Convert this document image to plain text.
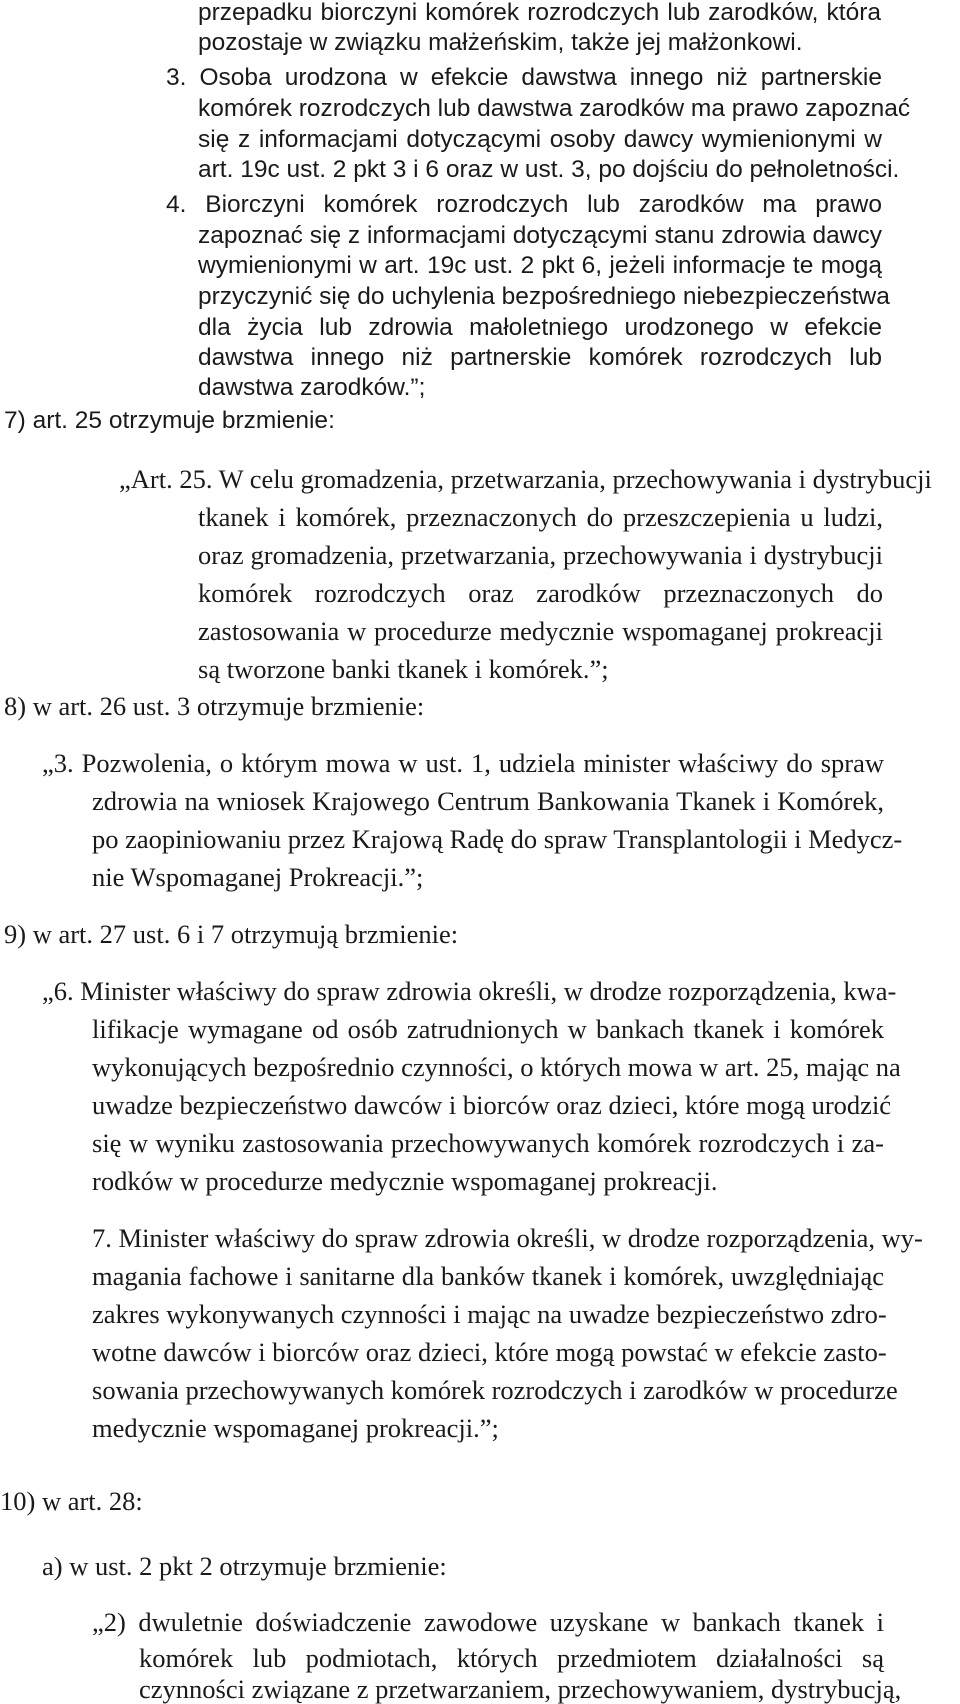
przepadku biorczyni komórek rozrodczych lub zarodków, która
pozostaje w związku małżeńskim, także jej małżonkowi.
3. Osoba urodzona w efekcie dawstwa innego niż partnerskie
komórek rozrodczych lub dawstwa zarodków ma prawo zapoznać
się z informacjami dotyczącymi osoby dawcy wymienionymi w
art. 19c ust. 2 pkt 3 i 6 oraz w ust. 3, po dojściu do pełnoletności.
4. Biorczyni komórek rozrodczych lub zarodków ma prawo
zapoznać się z informacjami dotyczącymi stanu zdrowia dawcy
wymienionymi w art. 19c ust. 2 pkt 6, jeżeli informacje te mogą
przyczynić się do uchylenia bezpośredniego niebezpieczeństwa
dla życia lub zdrowia małoletniego urodzonego w efekcie
dawstwa innego niż partnerskie komórek rozrodczych lub
dawstwa zarodków.”;
7) art. 25 otrzymuje brzmienie:
„Art. 25. W celu gromadzenia, przetwarzania, przechowywania i dystrybucji
tkanek i komórek, przeznaczonych do przeszczepienia u ludzi,
oraz gromadzenia, przetwarzania, przechowywania i dystrybucji
komórek rozrodczych oraz zarodków przeznaczonych do
zastosowania w procedurze medycznie wspomaganej prokreacji
są tworzone banki tkanek i komórek.”;
8) w art. 26 ust. 3 otrzymuje brzmienie:
„3. Pozwolenia, o którym mowa w ust. 1, udziela minister właściwy do spraw
zdrowia na wniosek Krajowego Centrum Bankowania Tkanek i Komórek,
po zaopiniowaniu przez Krajową Radę do spraw Transplantologii i Medycz-
nie Wspomaganej Prokreacji.”;
9) w art. 27 ust. 6 i 7 otrzymują brzmienie:
„6. Minister właściwy do spraw zdrowia określi, w drodze rozporządzenia, kwa-
lifikacje wymagane od osób zatrudnionych w bankach tkanek i komórek
wykonujących bezpośrednio czynności, o których mowa w art. 25, mając na
uwadze bezpieczeństwo dawców i biorców oraz dzieci, które mogą urodzić
się w wyniku zastosowania przechowywanych komórek rozrodczych i za-
rodków w procedurze medycznie wspomaganej prokreacji.
7. Minister właściwy do spraw zdrowia określi, w drodze rozporządzenia, wy-
magania fachowe i sanitarne dla banków tkanek i komórek, uwzględniając
zakres wykonywanych czynności i mając na uwadze bezpieczeństwo zdro-
wotne dawców i biorców oraz dzieci, które mogą powstać w efekcie zasto-
sowania przechowywanych komórek rozrodczych i zarodków w procedurze
medycznie wspomaganej prokreacji.”;
10) w art. 28:
a) w ust. 2 pkt 2 otrzymuje brzmienie:
„2) dwuletnie doświadczenie zawodowe uzyskane w bankach tkanek i
komórek lub podmiotach, których przedmiotem działalności są
czynności związane z przetwarzaniem, przechowywaniem, dystrybucją,
